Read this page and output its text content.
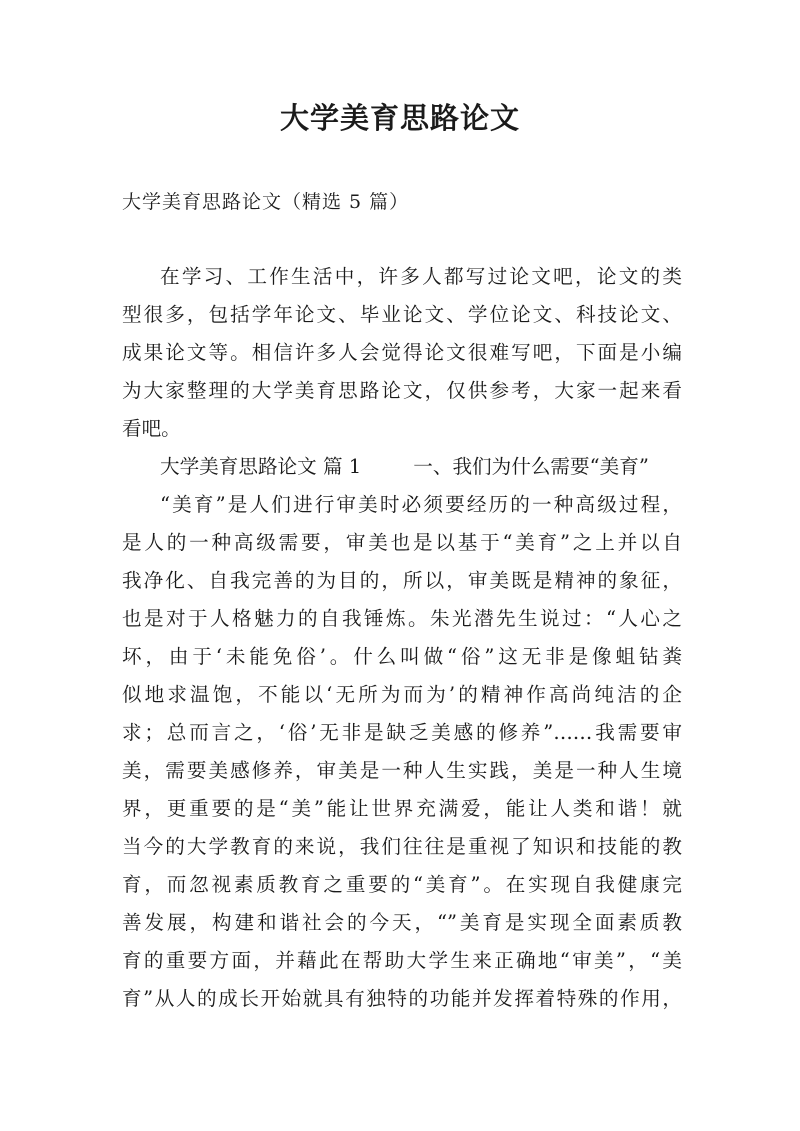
大学美育思路论文

大学美育思路论文（精选 5 篇）

在学习、工作生活中，许多人都写过论文吧，论文的类

型很多，包括学年论文、毕业论文、学位论文、科技论文、

成果论文等。相信许多人会觉得论文很难写吧，下面是小编

为大家整理的大学美育思路论文，仅供参考，大家一起来看

看吧。

大学美育思路论文 篇 1	一、我们为什么需要“美育”

“美育”是人们进行审美时必须要经历的一种高级过程，

是人的一种高级需要，审美也是以基于“美育”之上并以自

我净化、自我完善的为目的，所以，审美既是精神的象征，

也是对于人格魅力的自我锤炼。朱光潜先生说过：“人心之

坏，由于‘未能免俗’。什么叫做“俗”这无非是像蛆钻粪

似地求温饱，不能以‘无所为而为’的精神作高尚纯洁的企

求；总而言之，‘俗’无非是缺乏美感的修养”……我需要审

美，需要美感修养，审美是一种人生实践，美是一种人生境

界，更重要的是“美”能让世界充满爱，能让人类和谐！就

当今的大学教育的来说，我们往往是重视了知识和技能的教

育，而忽视素质教育之重要的“美育”。在实现自我健康完

善发展，构建和谐社会的今天，“”美育是实现全面素质教

育的重要方面，并藉此在帮助大学生来正确地“审美”，“美

育”从人的成长开始就具有独特的功能并发挥着特殊的作用，
